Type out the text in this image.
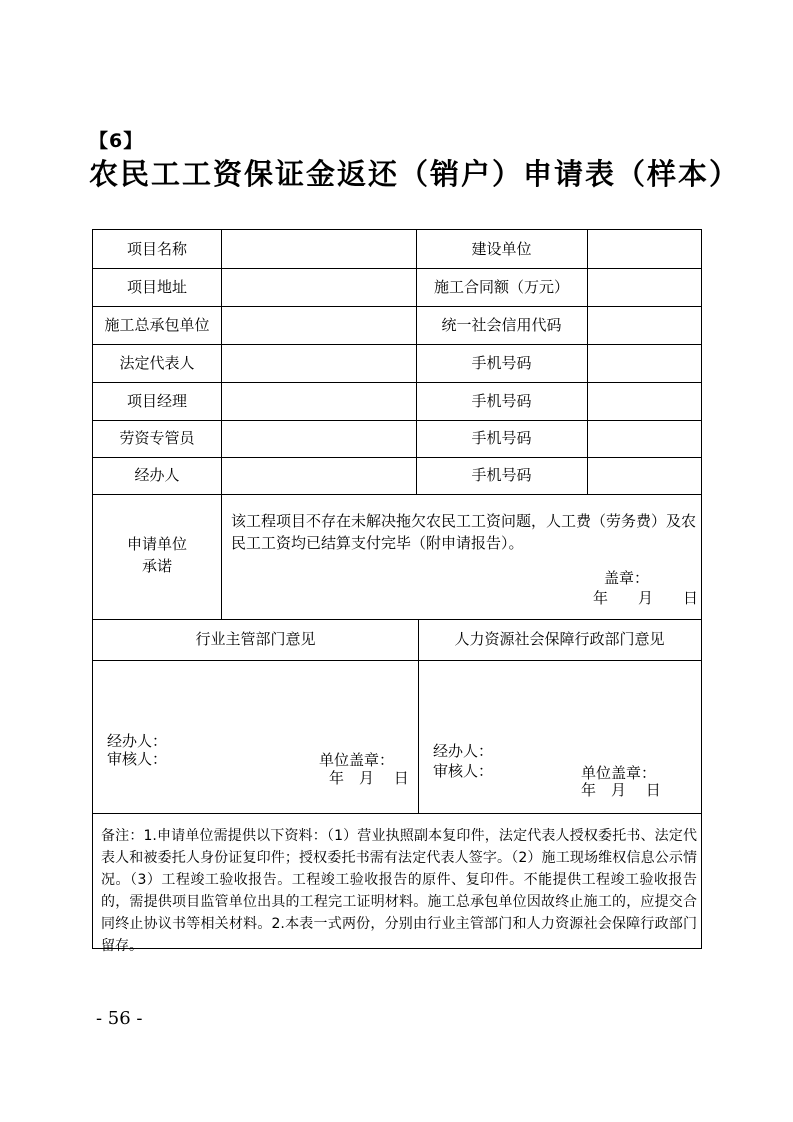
【6】
农民工工资保证金返还（销户）申请表（样本）
项目名称	建设单位
项目地址	施工合同额（万元）
施工总承包单位	统一社会信用代码
法定代表人	手机号码
项目经理	手机号码
劳资专管员	手机号码
经办人	手机号码
申请单位承诺
该工程项目不存在未解决拖欠农民工工资问题，人工费（劳务费）及农民工工资均已结算支付完毕（附申请报告）。
盖章：
年　　月　　日
行业主管部门意见	人力资源社会保障行政部门意见
经办人：
审核人：	单位盖章：
年　月　 日
经办人：
审核人：	单位盖章：
年　月　 日
备注：1.申请单位需提供以下资料：（1）营业执照副本复印件，法定代表人授权委托书、法定代表人和被委托人身份证复印件；授权委托书需有法定代表人签字。（2）施工现场维权信息公示情况。（3）工程竣工验收报告。工程竣工验收报告的原件、复印件。不能提供工程竣工验收报告的，需提供项目监管单位出具的工程完工证明材料。施工总承包单位因故终止施工的，应提交合同终止协议书等相关材料。2.本表一式两份，分别由行业主管部门和人力资源社会保障行政部门留存。
- 56 -
